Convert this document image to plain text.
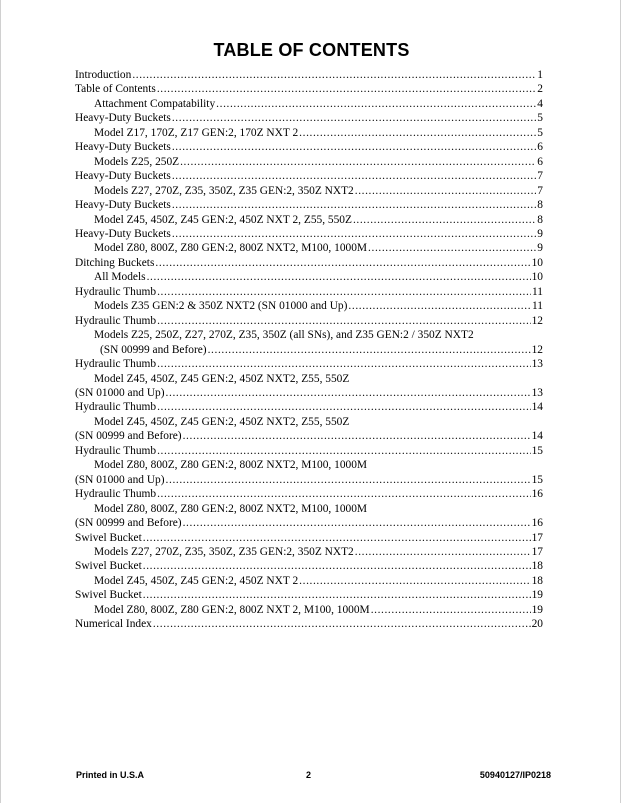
TABLE OF CONTENTS
Introduction .....	1
Table of Contents .....	2
Attachment Compatability .....	4
Heavy-Duty Buckets .....	5
Model Z17, 170Z, Z17 GEN:2, 170Z NXT 2 .....	5
Heavy-Duty Buckets .....	6
Models Z25, 250Z .....	6
Heavy-Duty Buckets .....	7
Models Z27, 270Z, Z35, 350Z, Z35 GEN:2, 350Z NXT2 .....	7
Heavy-Duty Buckets .....	8
Model Z45, 450Z, Z45 GEN:2, 450Z NXT 2, Z55, 550Z .....	8
Heavy-Duty Buckets .....	9
Model Z80, 800Z, Z80 GEN:2, 800Z NXT2, M100, 1000M .....	9
Ditching Buckets .....	10
All Models .....	10
Hydraulic Thumb .....	11
Models Z35 GEN:2 & 350Z NXT2 (SN 01000 and Up) .....	11
Hydraulic Thumb .....	12
Models Z25, 250Z, Z27, 270Z, Z35, 350Z (all SNs), and Z35 GEN:2 / 350Z NXT2
(SN 00999 and Before) .....	12
Hydraulic Thumb .....	13
Model Z45, 450Z, Z45 GEN:2, 450Z NXT2, Z55, 550Z
(SN 01000 and Up) .....	13
Hydraulic Thumb .....	14
Model Z45, 450Z, Z45 GEN:2, 450Z NXT2, Z55, 550Z
(SN 00999 and Before) .....	14
Hydraulic Thumb .....	15
Model Z80, 800Z, Z80 GEN:2, 800Z NXT2, M100, 1000M
(SN 01000 and Up) .....	15
Hydraulic Thumb .....	16
Model Z80, 800Z, Z80 GEN:2, 800Z NXT2, M100, 1000M
(SN 00999 and Before) .....	16
Swivel Bucket .....	17
Models Z27, 270Z, Z35, 350Z, Z35 GEN:2, 350Z NXT2 .....	17
Swivel Bucket .....	18
Model Z45, 450Z, Z45 GEN:2, 450Z NXT 2 .....	18
Swivel Bucket .....	19
Model Z80, 800Z, Z80 GEN:2, 800Z NXT 2, M100, 1000M .....	19
Numerical Index .....	20
Printed in U.S.A	2	50940127/IP0218
